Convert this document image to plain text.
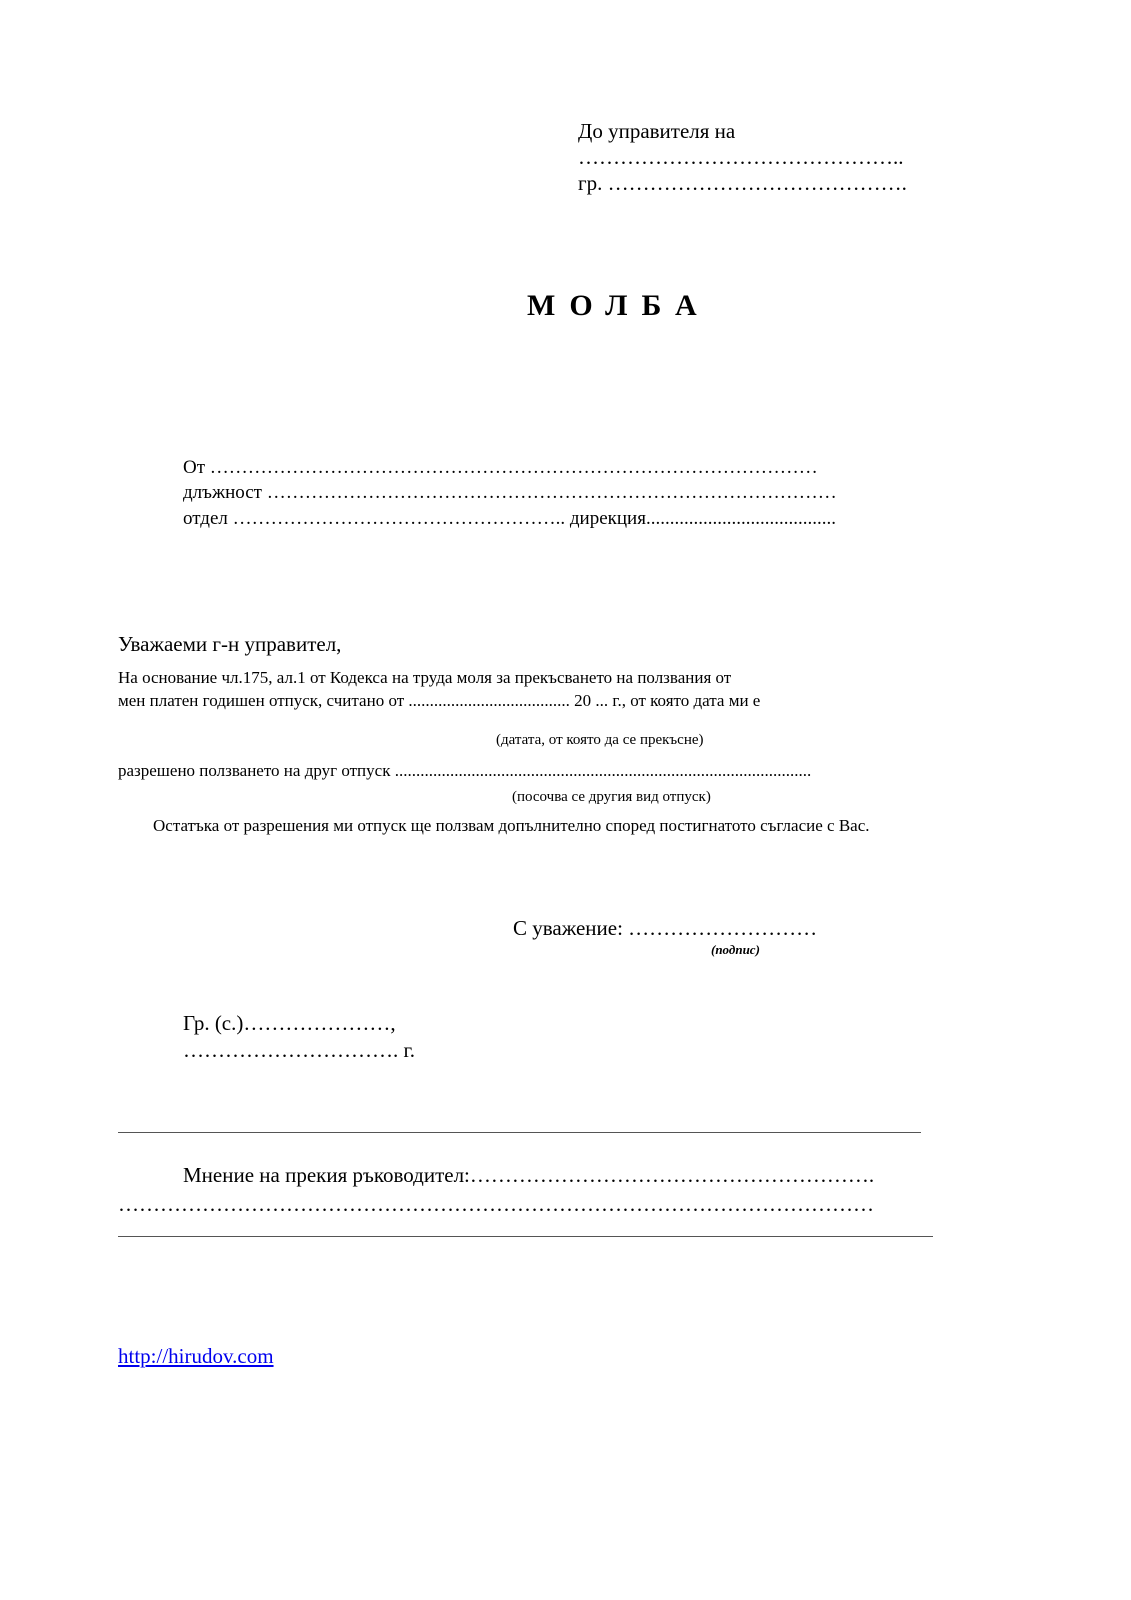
До управителя на
………………………………………..
гр. …………………………………….
МОЛБА
От ……………………………………………………………………………………
длъжност ………………………………………………………………………………
отдел …………………………………………….. дирекция........................................
Уважаеми г-н управител,
На основание чл.175, ал.1 от Кодекса на труда моля за прекъсването на ползвания от
мен платен годишен отпуск, считано от ...................................... 20 ... г., от която дата ми е
(датата, от която да се прекъсне)
разрешено ползването на друг отпуск ..................................................................................................
(посочва се другия вид отпуск)
Остатъка от разрешения ми отпуск ще ползвам допълнително според постигнатото съгласие с Вас.
С уважение: ………………………
(подпис)
Гр. (с.)…………………,
…………………………. г.
Мнение на прекия ръководител:………………………………………………….
………………………………………………………………………………………………
http://hirudov.com
